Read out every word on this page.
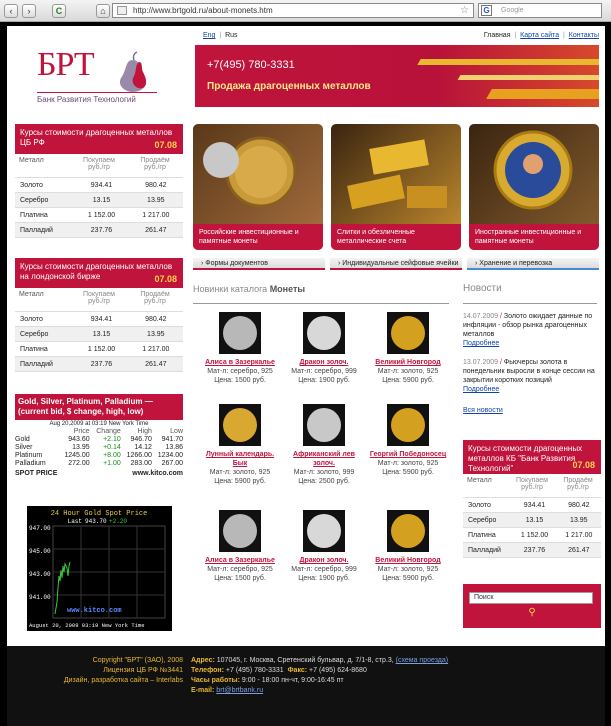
‹	›	C	⌂	http://www.brtgold.ru/about-monets.htm	☆ G	Google
БРТ
Банк Развития Технологий
Eng  |  Rus	Главная  |  Карта сайта  |  Контакты
+7(495) 780-3331
Продажа драгоценных металлов
Курсы стоимости драгоценных металлов ЦБ РФ	07.08
Металл	Покупаем
руб./гр
Продаём
руб./гр
Золото	934.41	980.42
Серебро	13.15	13.95
Платина	1 152.00	1 217.00
Палладий	237.76	261.47
Курсы стоимости драгоценных металлов на лондонской бирже	07.08
Металл	Покупаем
руб./гр
Продаём
руб./гр
Золото	934.41	980.42
Серебро	13.15	13.95
Платина	1 152.00	1 217.00
Палладий	237.76	261.47
Gold, Silver, Platinum, Palladium — (current bid, $ change, high, low)
Aug 20,2009 at 03:19 New York Time
Price Change	High	Low
Gold	943.60	+2.10	946.70	941.70
Silver	13.95	+0.14	14.12	13.86
Platinum	1245.00	+8.00 1266.00 1234.00
Palladium	272.00	+1.00	283.00	267.00
SPOT PRICE	www.kitco.com
24 Hour Gold Spot Price
Last 943.70 +2.20
947.00
945.00
943.00
941.00
www.kitco.com
August 20, 2009 03:19 New York Time
Российские инвестиционные и памятные монеты
Слитки и обезличенные металлические счета
Иностранные инвестиционные и памятные монеты
› Формы документов	› Индивидуальные сейфовые ячейки	› Хранение и перевозка
Новинки каталога Монеты
Алиса в Зазеркалье
Мат-л: серебро, 925
Цена: 1500 руб.
Дракон золоч.
Мат-л: серебро, 999
Цена: 1900 руб.
Великий Новгород
Мат-л: золото, 925
Цена: 5900 руб.
Лунный календарь. Бык
Мат-л: золото, 925
Цена: 5900 руб.
Африканский лев золоч.
Мат-л: золото, 999
Цена: 2500 руб.
Георгий Победоносец
Мат-л: золото, 925
Цена: 5900 руб.
Алиса в Зазеркалье
Мат-л: серебро, 925
Цена: 1500 руб.
Дракон золоч.
Мат-л: серебро, 999
Цена: 1900 руб.
Великий Новгород
Мат-л: золото, 925
Цена: 5900 руб.
Новости
14.07.2009 / Золото ожидает данные по инфляции - обзор рынка драгоценных металлов
Подробнее
13.07.2009 / Фьючерсы золота в понедельник выросли в конце сессии на закрытии коротких позиций
Подробнее
Вся новости
Курсы стоимости драгоценных металлов КБ "Банк Развития Технологий"	07.08
Металл	Покупаем
руб./гр
Продаём
руб./гр
Золото	934.41	980.42
Серебро	13.15	13.95
Платина	1 152.00	1 217.00
Палладий	237.76	261.47
Поиск
⚲
Copyright "БРТ" (ЗАО), 2008
Лицензия ЦБ РФ №3441
Дизайн, разработка сайта – Interlabs
Адрес: 107045, г. Москва, Сретенский бульвар, д. 7/1-8, стр.3, (схема проезда)
Телефон: +7 (495) 780-3331 Факс: +7 (495) 624-8680
Часы работы: 9:00 - 18:00 пн-чт, 9:00-16:45 пт
E-mail: brt@brtbank.ru
